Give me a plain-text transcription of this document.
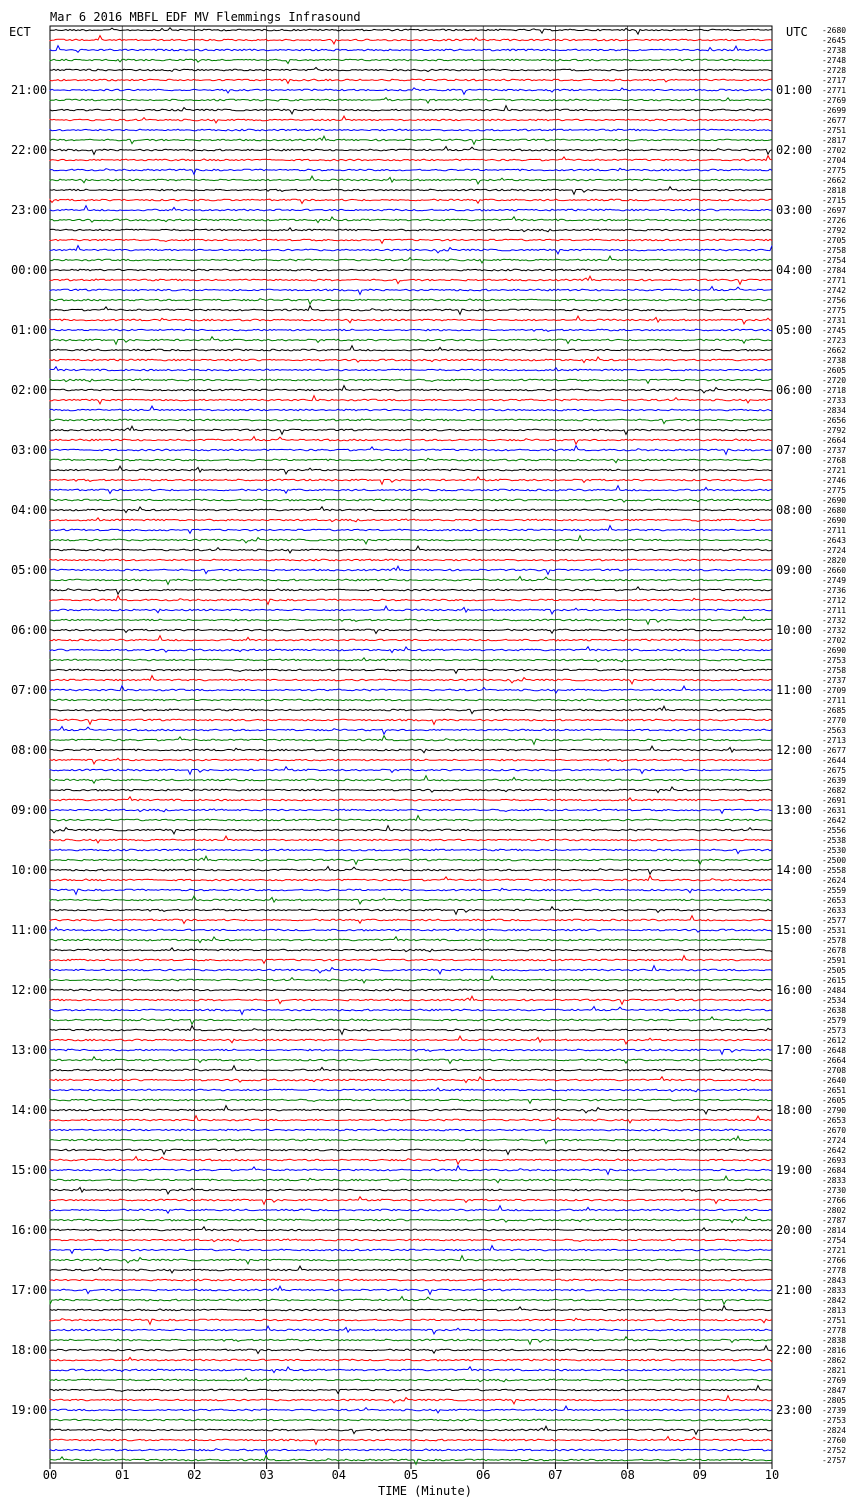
Mar 6 2016 MBFL EDF MV Flemmings Infrasound
ECT	UTC
TIME (Minute)
00	01	02	03	04	05	06	07	08	09	10
-2680
-2645
-2738
-2748
-2728
-2717
-2771
-2769
-2699
-2677
-2751
-2817
-2702
-2704
-2775
-2662
-2818
-2715
-2697
-2726
-2792
-2705
-2758
-2754
-2784
-2771
-2742
-2756
-2775
-2731
-2745
-2723
-2662
-2738
-2605
-2720
-2718
-2733
-2834
-2656
-2792
-2664
-2737
-2768
-2721
-2746
-2775
-2690
-2680
-2690
-2711
-2643
-2724
-2820
-2660
-2749
-2736
-2712
-2711
-2732
-2732
-2702
-2690
-2753
-2758
-2737
-2709
-2711
-2685
-2770
-2563
-2713
-2677
-2644
-2675
-2639
-2682
-2691
-2631
-2642
-2556
-2538
-2530
-2500
-2558
-2624
-2559
-2653
-2633
-2577
-2531
-2578
-2678
-2591
-2505
-2615
-2484
-2534
-2638
-2579
-2573
-2612
-2648
-2664
-2708
-2640
-2651
-2605
-2790
-2653
-2670
-2724
-2642
-2693
-2684
-2833
-2730
-2766
-2802
-2787
-2814
-2754
-2721
-2766
-2778
-2843
-2833
-2842
-2813
-2751
-2778
-2838
-2816
-2862
-2821
-2769
-2847
-2805
-2739
-2753
-2824
-2760
-2752
-2757
21:00
22:00
23:00
00:00
01:00
02:00
03:00
04:00
05:00
06:00
07:00
08:00
09:00
10:00
11:00
12:00
13:00
14:00
15:00
16:00
17:00
18:00
19:00
01:00
02:00
03:00
04:00
05:00
06:00
07:00
08:00
09:00
10:00
11:00
12:00
13:00
14:00
15:00
16:00
17:00
18:00
19:00
20:00
21:00
22:00
23:00
